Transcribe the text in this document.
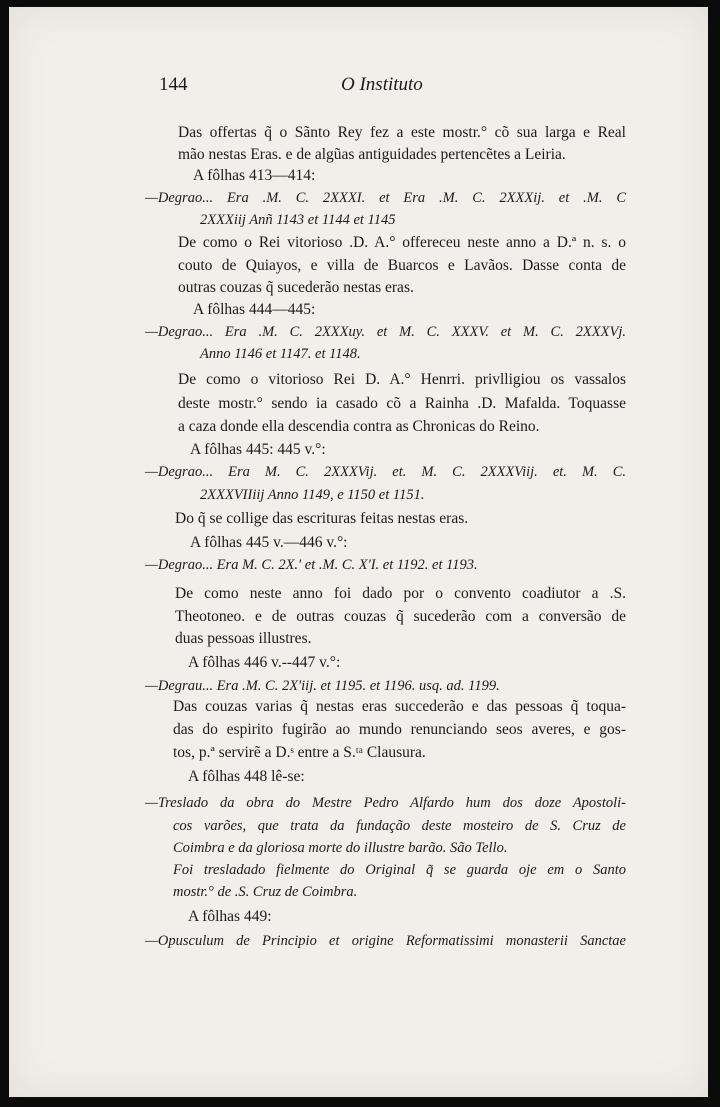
144	O Instituto
Das offertas q̃ o Sãnto Rey fez a este mostr.° cõ sua larga e Real
mão nestas Eras. e de algũas antiguidades pertencẽtes a Leiria.
A fôlhas 413—414:
—Degrao... Era .M. C. 2XXXI. et Era .M. C. 2XXXij. et .M. C
2XXXiij Anñ 1143 et 1144 et 1145
De como o Rei vitorioso .D. A.° offereceu neste anno a D.ª n. s. o
couto de Quiayos, e villa de Buarcos e Lavãos. Dasse conta de
outras couzas q̃ sucederão nestas eras.
A fôlhas 444—445:
—Degrao... Era .M. C. 2XXXuy. et M. C. XXXV. et M. C. 2XXXVj.
Anno 1146 et 1147. et 1148.
De como o vitorioso Rei D. A.° Henrri. privlligiou os vassalos
deste mostr.° sendo ia casado cõ a Rainha .D. Mafalda. Toquasse
a caza donde ella descendia contra as Chronicas do Reino.
A fôlhas 445: 445 v.°:
—Degrao... Era M. C. 2XXXVij. et. M. C. 2XXXViij. et. M. C.
2XXXVIIiij Anno 1149, e 1150 et 1151.
Do q̃ se collige das escrituras feitas nestas eras.
A fôlhas 445 v.—446 v.°:
—Degrao... Era M. C. 2X.' et .M. C. X'I. et 1192. et 1193.
De como neste anno foi dado por o convento coadiutor a .S.
Theotoneo. e de outras couzas q̃ sucederão com a conversão de
duas pessoas illustres.
A fôlhas 446 v.--447 v.°:
—Degrau... Era .M. C. 2X'iij. et 1195. et 1196. usq. ad. 1199.
Das couzas varias q̃ nestas eras succederão e das pessoas q̃ toqua-
das do espirito fugirão ao mundo renunciando seos averes, e gos-
tos, p.ª servirẽ a D.ˢ entre a S.ᵗᵃ Clausura.
A fôlhas 448 lê-se:
—Treslado da obra do Mestre Pedro Alfardo hum dos doze Apostoli-
cos varões, que trata da fundação deste mosteiro de S. Cruz de
Coimbra e da gloriosa morte do illustre barão. São Tello.
Foi tresladado fielmente do Original q̃ se guarda oje em o Santo
mostr.° de .S. Cruz de Coimbra.
A fôlhas 449:
—Opusculum de Principio et origine Reformatissimi monasterii Sanctae
